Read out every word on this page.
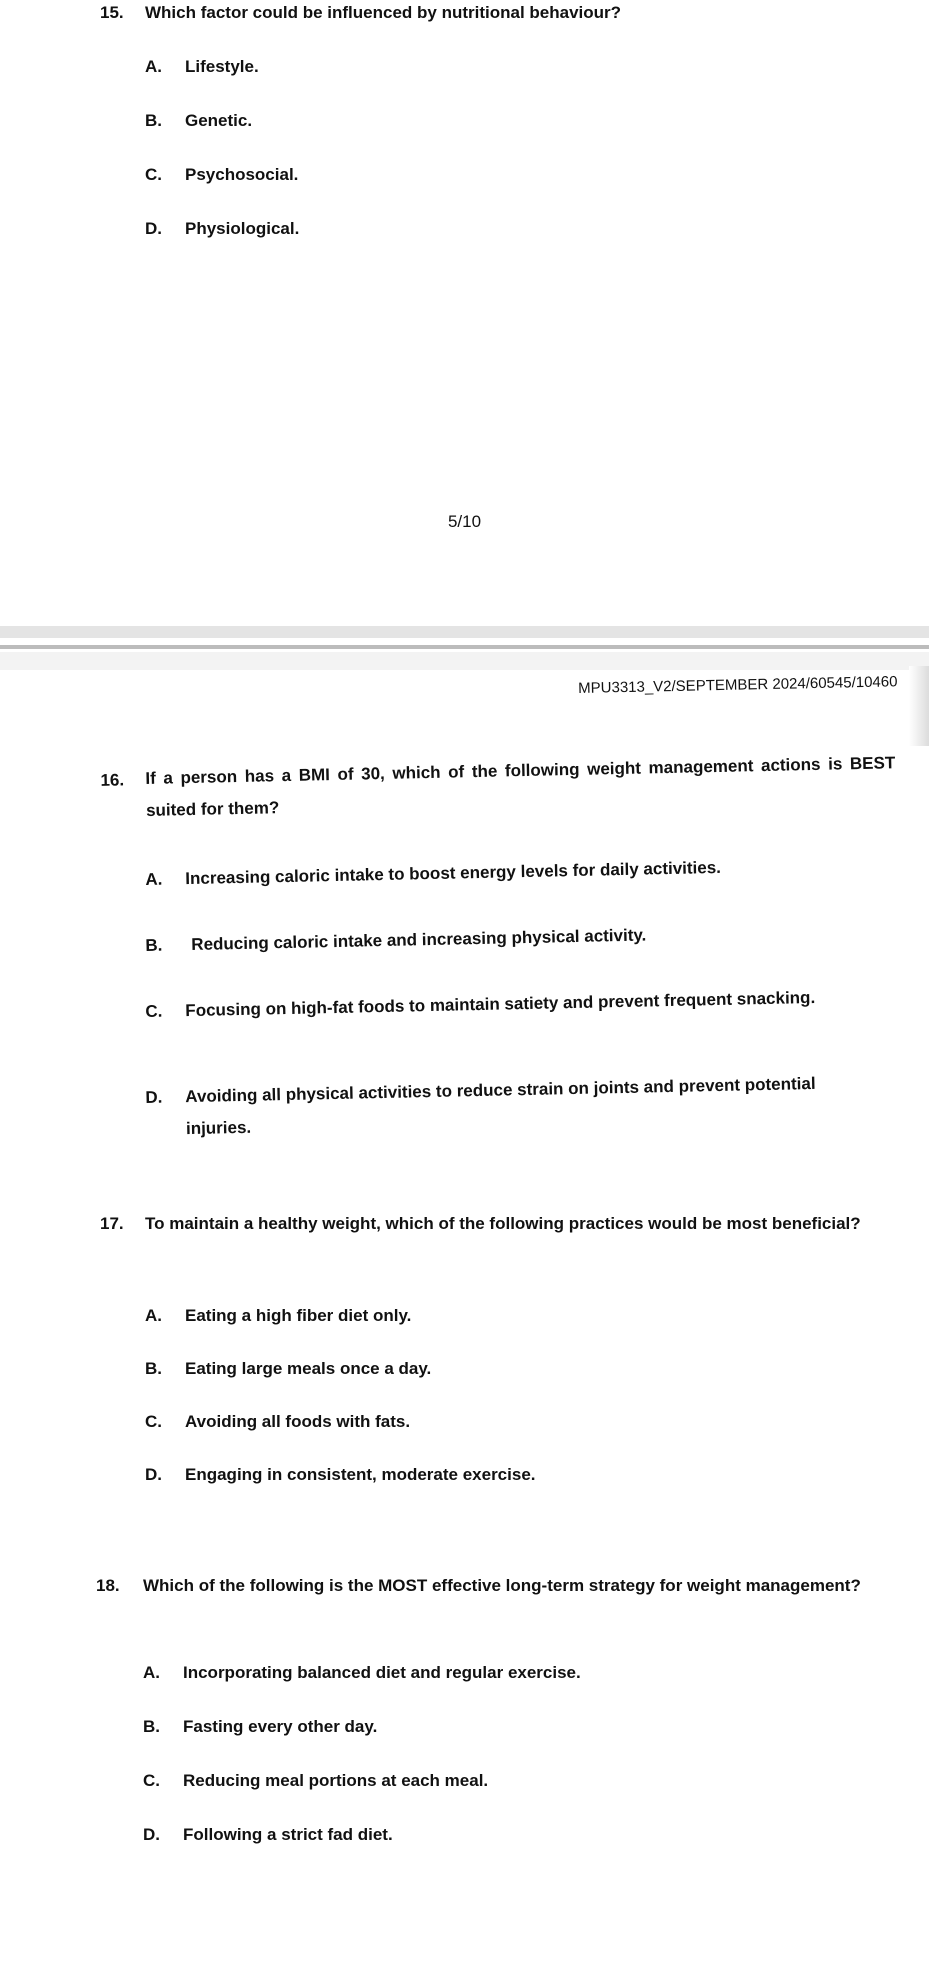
15. Which factor could be influenced by nutritional behaviour?
A. Lifestyle.
B. Genetic.
C. Psychosocial.
D. Physiological.
5/10
MPU3313_V2/SEPTEMBER 2024/60545/10460
16. If a person has a BMI of 30, which of the following weight management actions is BEST suited for them?
A. Increasing caloric intake to boost energy levels for daily activities.
B. Reducing caloric intake and increasing physical activity.
C. Focusing on high-fat foods to maintain satiety and prevent frequent snacking.
D. Avoiding all physical activities to reduce strain on joints and prevent potential injuries.
17. To maintain a healthy weight, which of the following practices would be most beneficial?
A. Eating a high fiber diet only.
B. Eating large meals once a day.
C. Avoiding all foods with fats.
D. Engaging in consistent, moderate exercise.
18. Which of the following is the MOST effective long-term strategy for weight management?
A. Incorporating balanced diet and regular exercise.
B. Fasting every other day.
C. Reducing meal portions at each meal.
D. Following a strict fad diet.
